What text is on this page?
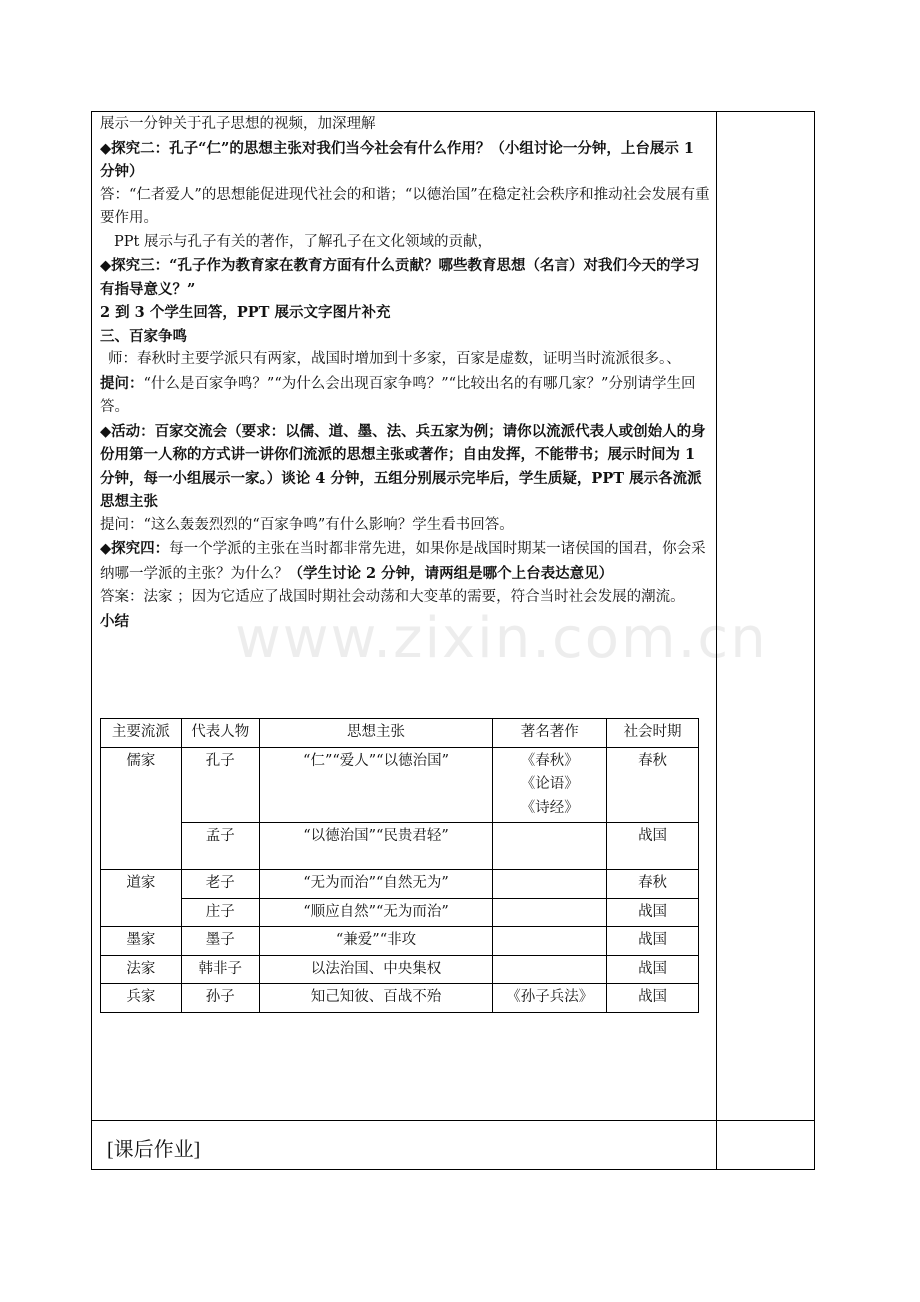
www.zixin.com.cn

展示一分钟关于孔子思想的视频，加深理解

◆探究二：孔子“仁”的思想主张对我们当今社会有什么作用？（小组讨论一分钟，上台展示 1 分钟）

答：“仁者爱人”的思想能促进现代社会的和谐；“以德治国”在稳定社会秩序和推动社会发展有重要作用。

PPt 展示与孔子有关的著作，了解孔子在文化领域的贡献，

◆探究三：“孔子作为教育家在教育方面有什么贡献？哪些教育思想（名言）对我们今天的学习有指导意义？”

2 到 3 个学生回答，PPT 展示文字图片补充

三、百家争鸣

师：春秋时主要学派只有两家，战国时增加到十多家，百家是虚数，证明当时流派很多。、

提问：“什么是百家争鸣？”“为什么会出现百家争鸣？”“比较出名的有哪几家？”分别请学生回答。

◆活动：百家交流会（要求：以儒、道、墨、法、兵五家为例；请你以流派代表人或创始人的身份用第一人称的方式讲一讲你们流派的思想主张或著作；自由发挥，不能带书；展示时间为 1 分钟，每一小组展示一家。）谈论 4 分钟，五组分别展示完毕后，学生质疑，PPT 展示各流派思想主张

提问：“这么轰轰烈烈的“百家争鸣”有什么影响？学生看书回答。

◆探究四：每一个学派的主张在当时都非常先进，如果你是战国时期某一诸侯国的国君，你会采纳哪一学派的主张？为什么？（学生讨论 2 分钟，请两组是哪个上台表达意见）

答案：法家 ；因为它适应了战国时期社会动荡和大变革的需要，符合当时社会发展的潮流。

小结

主要流派	代表人物	思想主张	著名著作	社会时期
儒家	孔子	“仁”“爱人”“以德治国”	《春秋》
《论语》
《诗经》	春秋
	孟子	“以德治国”“民贵君轻”		战国
道家	老子	“无为而治”“自然无为”		春秋
	庄子	“顺应自然”“无为而治”		战国
墨家	墨子	“兼爱”“非攻		战国
法家	韩非子	以法治国、中央集权		战国
兵家	孙子	知己知彼、百战不殆	《孙子兵法》	战国
[课后作业]
